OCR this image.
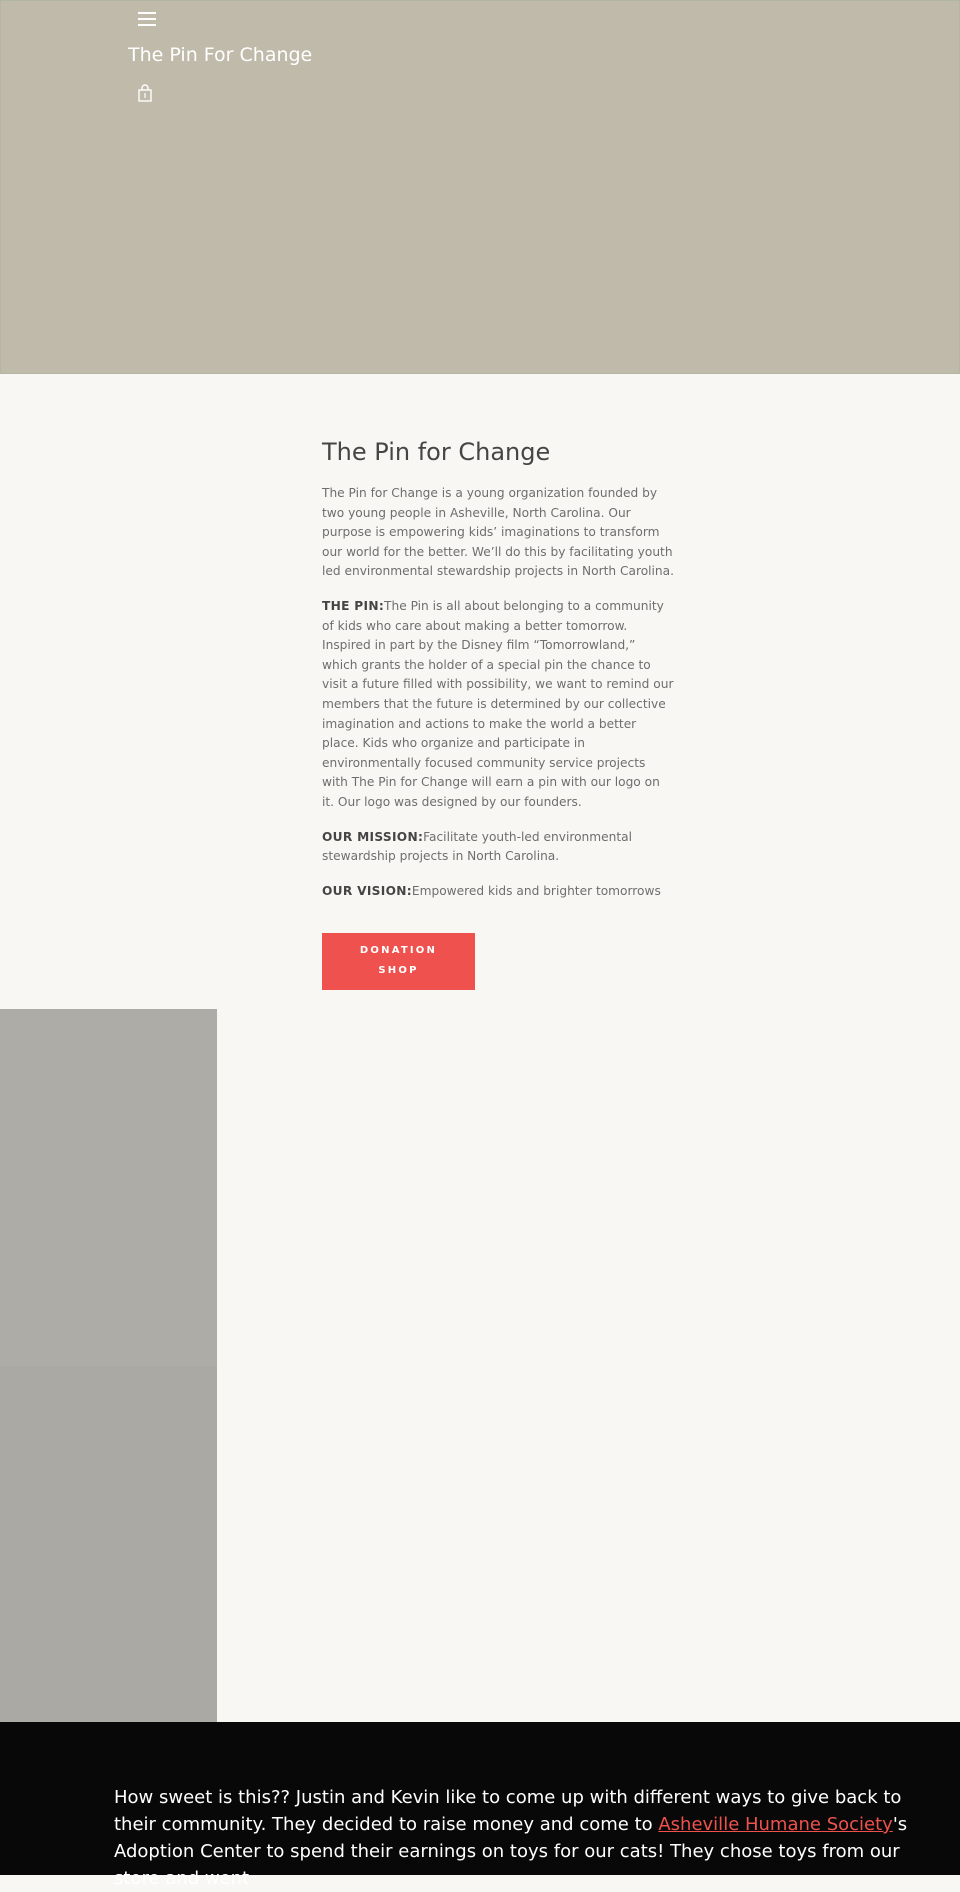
The Pin For Change
The Pin for Change

The Pin for Change is a young organization founded by two young people in Asheville, North Carolina. Our purpose is empowering kids’ imaginations to transform our world for the better. We’ll do this by facilitating youth led environmental stewardship projects in North Carolina.

THE PIN:The Pin is all about belonging to a community of kids who care about making a better tomorrow. Inspired in part by the Disney film “Tomorrowland,” which grants the holder of a special pin the chance to visit a future filled with possibility, we want to remind our members that the future is determined by our collective imagination and actions to make the world a better place. Kids who organize and participate in environmentally focused community service projects with The Pin for Change will earn a pin with our logo on it. Our logo was designed by our founders.

OUR MISSION:Facilitate youth-led environmental stewardship projects in North Carolina.

OUR VISION:Empowered kids and brighter tomorrows

DONATION
SHOP
How sweet is this?? Justin and Kevin like to come up with different ways to give back to their community. They decided to raise money and come to Asheville Humane Society's Adoption Center to spend their earnings on toys for our cats! They chose toys from our store and went
